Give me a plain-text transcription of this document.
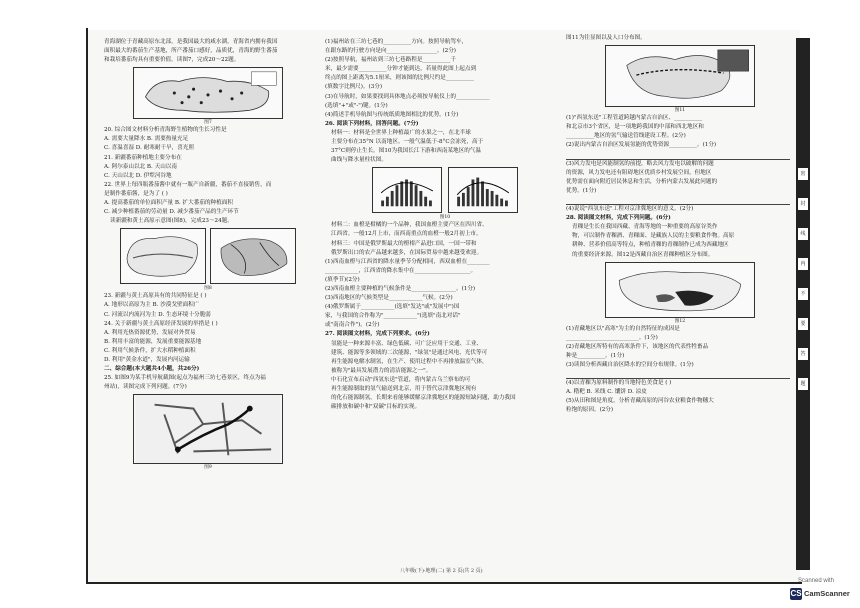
青海湖位于青藏高原东北部，是我国最大的咸水湖，青海省内拥有我国
面积最大的番茄生产基地，所产番茄口感好，品质优，青海的野生番茄
和栽培番茄均具有重要价值。读图7，完成20～22题。
图7
20. 综合图文材料分析青海野生植物的生长习性是
A. 需要大量降水 B. 需要热量充足
C. 喜温喜湿 D. 耐寒耐干旱，喜光照
21. 新疆番茄种植地主要分布在
A. 阿尔泰山以北 B. 天山以南
C. 天山以北 D. 伊犁河谷地
22. 世界上每四瓶番茄酱中就有一瓶产自新疆，番茄不直接销售，而
是制作番茄酱，是为了 ( )
A. 提高番茄的单位面积产量 B. 扩大番茄的种植面积
C. 减少种植番茄的劳动量 D. 减少番茄产品的生产环节
读新疆和黄土高原示意图(图8)，完成23～24题。
图8
23. 新疆与黄土高原具有的共同特征是 ( )
A. 地形以高原为主 B. 沙漠戈壁面积广
C. 河流以内流河为主 D. 生态环境十分脆弱
24. 关于新疆与黄土高原经济发展的举措是 ( )
A. 利用光热资源优势，发展对外贸易
B. 利用丰富的能源，发展重要能源基地
C. 利用气候条件，扩大水稻种植面积
D. 利用"黄金水道"，发展内河运输
二、综合题(本大题共4小题，共26分)
25. 如图9为某手机导航截图(起点为福州三坊七巷景区，终点为福
州站)，读图完成下列问题。(7分)
图9
(1)福州站在三坊七巷的__________方向。按照导航驾车，
在跟东路的行驶方向是向__________________。(2分)
(2)按照导航，福州站到三坊七巷路程是__________千
米，最少需要__________分钟才能到达，若量得此图上起点到
终点的图上距离为5.1厘米，则该图的比例尺约是__________
(填数字比例尺)。(3分)
(3)在导航时，如果要找到具体地点必须按导航仪上的____________
(选填"+"或"-")键。(1分)
(4)简述手机导航图与传统纸质地图相比的优势。(1分)
26. 阅读下列材料，回答问题。(7分)
材料一：材料是全世界上种植最广的水果之一，在北半球
主要分布在35°N 以南地区。一般气温低于-8°C会冻死，高于
37°C则停止生长。图10为我国长江下游和西南某地区的气温
曲线与降水量柱状图。
图10
材料二：血橙是柑橘的一个品种，我国血橙主要产区在四川省、
江西省。一般12月上市，而西南重点的血橙一般2月初上市。
材料三：中国是俄罗斯最大的橙柑产品进口国，一国一带和
俄罗斯出口的农产品越来越多，在国际贸易中越来越受欢迎。
(1)西南血橙与江西省的降水量季节分配相同，西双血橙在________
____________，江西省的降水集中在____________________。
(填季节)(2分)
(2)西南血橙主要种植的气候条件是________________。(1分)
(3)西南地区的气候类型是____________气候。(2分)
(4)俄罗斯属于____________(选填"发达"或"发展中")国
家，与我国的合作称为"____________"(选填"南北对话"
或"南南合作")。(2分)
27. 阅读图文材料，完成下列要求。(6分)
氢能是一种来源丰富、绿色低碳、可广泛应用于交通、工业、
建筑、能源等多领域的二次能源，"绿氢"是通过风电、光伏等可
再生能源电解水制氢，在生产、使用过程中不再排放温室气体，
被称为"最具发展潜力的清洁能源之一"。
中石化宣布启动"西氢东送"管道，将内蒙古乌兰察布的可
再生能源制取的氢气输送到北京，用于替代京津冀地区现有
的化石能源制氢，长期来看能够缓解京津冀地区的能源短缺问题，助力我国
碳排放和碳中和"双碳"目标的实现。
图11为往显图以及人口分布图。
图11
(1)"西氢东送"工程管道跨越内蒙古自治区、__________
和北京市3个省区，是一项地跨我国的中部和西北地区和
__________地区的氢气输送管线建设工程。(2分)
(2)说出内蒙古自治区发展氢能的优势资源__________。(1分)
(3)风力发电是风能制氢的前提，略去风力发电以破解的问题
的资源，风力发电还有阻碍地区优质乡村发展空间，但地区
优势需在面向附近居民休息和生活，分析内蒙古发展此问题的
优势。(1分)
(4)说说"西氢东送"工程对京津冀地区的意义。(2分)
28. 阅读图文材料，完成下列问题。(6分)
青稞是生长在我国西藏、青海等地的一种重要的高原谷类作
物，可以制作青稞酒、青稞面、是藏族人民的主要粮食作物。高原
耕种、营养价值高等特点，种植青稞的青稞制作已成为西藏地区
的重要经济来源。图12是西藏自治区青稞种植区分布图。
图12
(1)青藏地区以"高寒"为主的自然特征的成因是
__________________________。(1分)
(2)青藏地区所特有的高寒条件下，该地区的代表性牲畜品
种是__________。(1分)
(3)读图分析西藏自治区降水的空间分布规律。(1分)
(4)以青稞为原料制作的当地特色美食是 ( )
A. 糌粑 B. 米线 C. 馕饼 D. 凉皮
(5)从田和图是角度，分析青藏高原的河谷农业粮食作物穗大
粒饱的原因。(2分)
密
封
线
内
不
要
答
题
八年级(下)·地理(二) 第 2 页(共 2 页)
Scanned with
CS CamScanner
